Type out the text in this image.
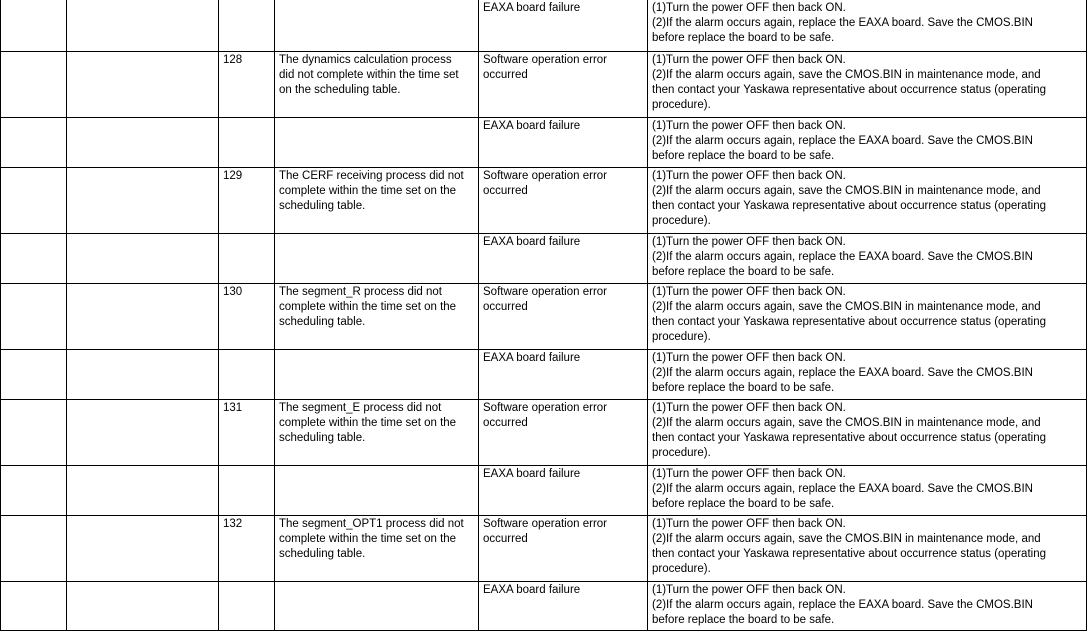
				EAXA board failure	(1)Turn the power OFF then back ON.
(2)If the alarm occurs again, replace the EAXA board. Save the CMOS.BIN
before replace the board to be safe.

		128	The dynamics calculation process
did not complete within the time set
on the scheduling table.	Software operation error
occurred	(1)Turn the power OFF then back ON.
(2)If the alarm occurs again, save the CMOS.BIN in maintenance mode, and
then contact your Yaskawa representative about occurrence status (operating
procedure).

				EAXA board failure	(1)Turn the power OFF then back ON.
(2)If the alarm occurs again, replace the EAXA board. Save the CMOS.BIN
before replace the board to be safe.

		129	The CERF receiving process did not
complete within the time set on the
scheduling table.	Software operation error
occurred	(1)Turn the power OFF then back ON.
(2)If the alarm occurs again, save the CMOS.BIN in maintenance mode, and
then contact your Yaskawa representative about occurrence status (operating
procedure).

				EAXA board failure	(1)Turn the power OFF then back ON.
(2)If the alarm occurs again, replace the EAXA board. Save the CMOS.BIN
before replace the board to be safe.

		130	The segment_R process did not
complete within the time set on the
scheduling table.	Software operation error
occurred	(1)Turn the power OFF then back ON.
(2)If the alarm occurs again, save the CMOS.BIN in maintenance mode, and
then contact your Yaskawa representative about occurrence status (operating
procedure).

				EAXA board failure	(1)Turn the power OFF then back ON.
(2)If the alarm occurs again, replace the EAXA board. Save the CMOS.BIN
before replace the board to be safe.

		131	The segment_E process did not
complete within the time set on the
scheduling table.	Software operation error
occurred	(1)Turn the power OFF then back ON.
(2)If the alarm occurs again, save the CMOS.BIN in maintenance mode, and
then contact your Yaskawa representative about occurrence status (operating
procedure).

				EAXA board failure	(1)Turn the power OFF then back ON.
(2)If the alarm occurs again, replace the EAXA board. Save the CMOS.BIN
before replace the board to be safe.

		132	The segment_OPT1 process did not
complete within the time set on the
scheduling table.	Software operation error
occurred	(1)Turn the power OFF then back ON.
(2)If the alarm occurs again, save the CMOS.BIN in maintenance mode, and
then contact your Yaskawa representative about occurrence status (operating
procedure).

				EAXA board failure	(1)Turn the power OFF then back ON.
(2)If the alarm occurs again, replace the EAXA board. Save the CMOS.BIN
before replace the board to be safe.
